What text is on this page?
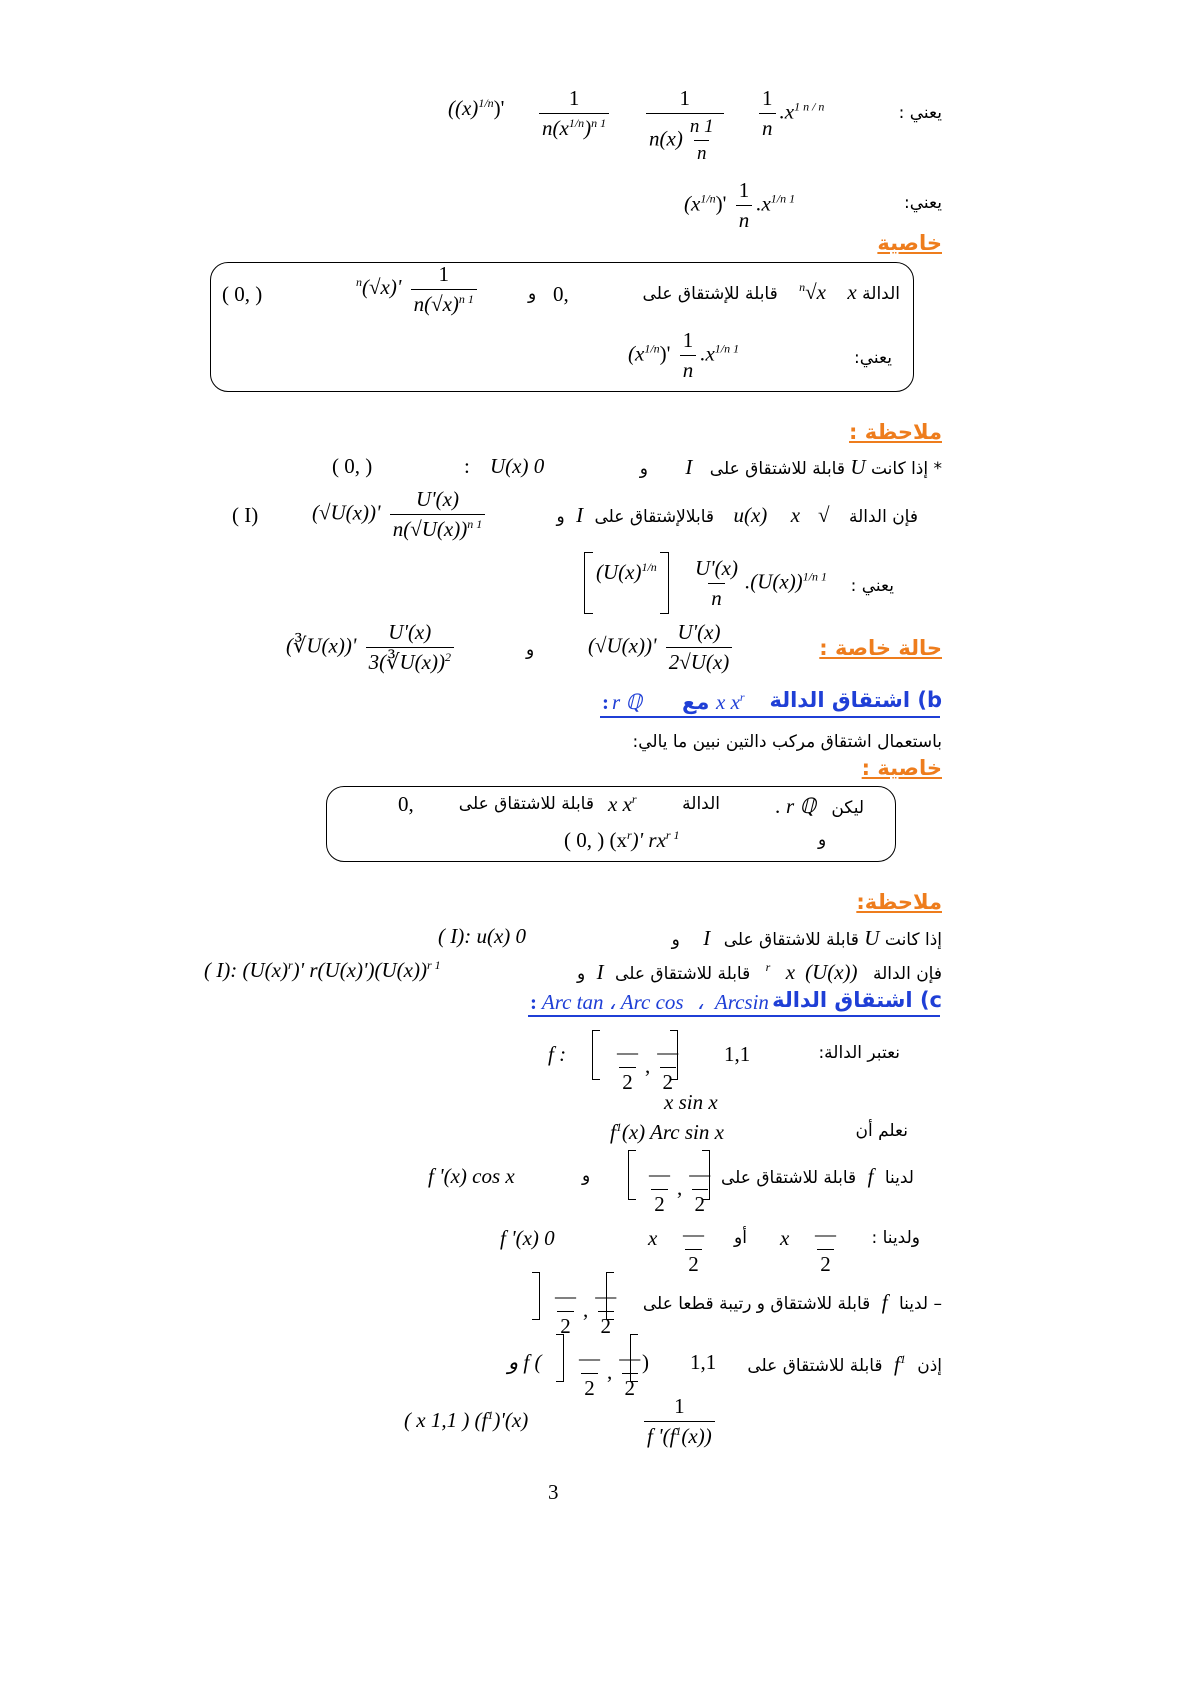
يعني :
$((x)^{1/n})' \frac{1}{n(x^{1/n})^{n 1}} \frac{1}{n(x) \frac{n 1}{n}} \frac{1}{n} .x^{1 n / n}$
يعني:
$(x^{1/n})' \frac{1}{n} .x^{1/n 1}$
خاصية
الدالة $^n$√x x قابلة للإشتقاق على
0,
و
$^n(√x)' \frac{1}{n(√x)^{n 1}}$
( 0, )
يعني:
$(x^{1/n})' \frac{1}{n} .x^{1/n 1}$
ملاحظة :
* إذا كانت U قابلة للاشتقاق على I و
U(x) 0
:
( 0, )
فإن الدالة √u(x) x قابلالإشتقاق على I و
$(√U(x))' \frac{U'(x)}{n(√U(x))^{n 1}}$
( I)
يعني :
($U(x)^{1/n} \frac{U'(x)}{n} .(U(x))^{1/n 1}$
حالة خاصة :
$(√U(x))' \frac{U'(x)}{2√U(x)}$
و
(∛U(x))' $\frac{U'(x)}{3(∛U(x))^2}$
b) اشتقاق الدالة
x $x^r$
مع
r ℚ
:
باستعمال اشتقاق مركب دالتين نبين ما يالي:
خاصية :
ليكن r ℚ .
الدالة
x $x^r$
قابلة للاشتقاق على
0,
و
( 0, ) $(x^r)'$ $rx^{r 1}$
ملاحظة:
إذا كانت U قابلة للاشتقاق على I و
( I): u(x) 0
فإن الدالة $(U(x))^r$ x قابلة للاشتقاق على I و
( I): $(U(x)^r)'$ $r(U(x)')(U(x))^{r 1}$
c) اشتقاق الدالة
: Arc tan ، Arc cos ، Arcsin
نعتبر الدالة:
f : $\frac{—}{2}$ , $\frac{—}{2} 1,1$
x sin x
نعلم أن
$f^1(x)$ Arc sin x
لدينا f قابلة للاشتقاق على
$\frac{—}{2}$ , $\frac{—}{2}$
و
f '(x) cos x
ولدينا :
x $\frac{—}{2}$
أو
x $\frac{—}{2}$
f '(x) 0
– لدينا f قابلة للاشتقاق و رتيبة قطعا على
$\frac{—}{2}$ , $\frac{—}{2}$
إذن $f^1$ قابلة للاشتقاق على
1,1
و f ( $\frac{—}{2}$ , $\frac{—}{2}$
)
( x 1,1 ) $(f^1)'(x)$	$\frac{1}{f '(f^1(x))}$
3
